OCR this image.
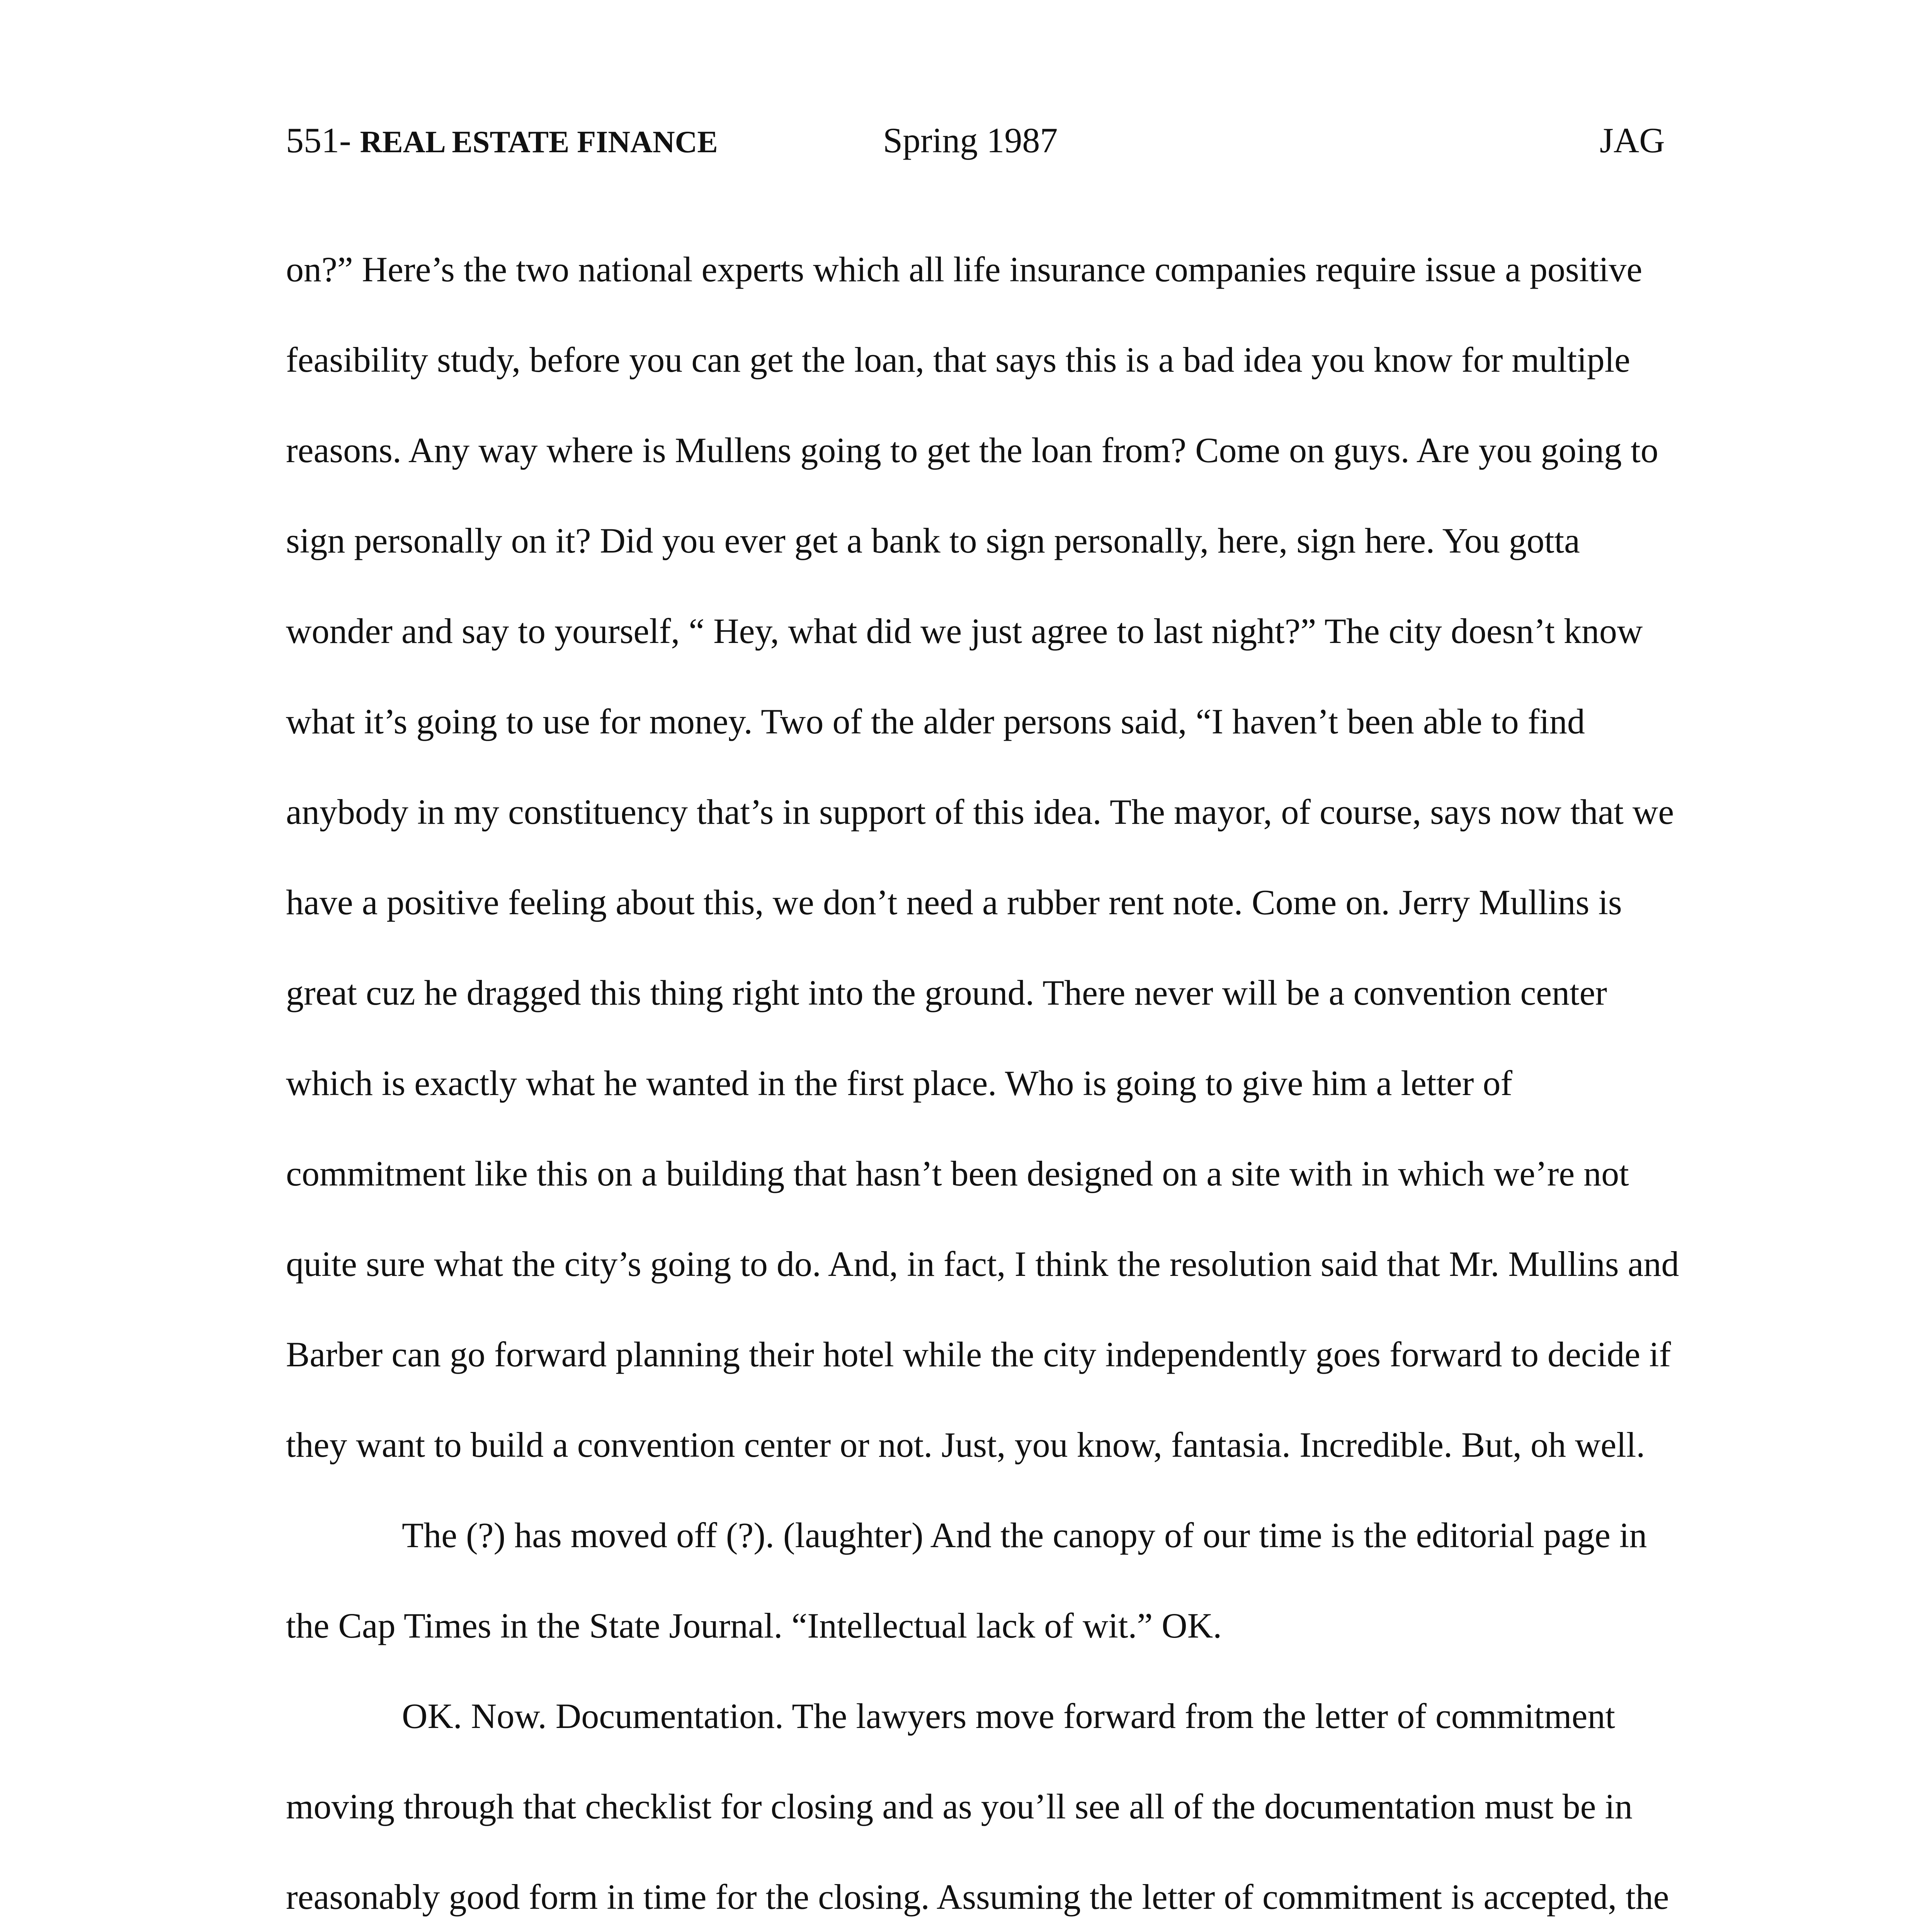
551- REAL ESTATE FINANCE	Spring 1987	JAG

on?” Here’s the two national experts which all life insurance companies require issue a positive feasibility study, before you can get the loan, that says this is a bad idea you know for multiple reasons. Any way where is Mullens going to get the loan from? Come on guys. Are you going to sign personally on it? Did you ever get a bank to sign personally, here, sign here. You gotta wonder and say to yourself, “ Hey, what did we just agree to last night?” The city doesn’t know what it’s going to use for money. Two of the alder persons said, “I haven’t been able to find anybody in my constituency that’s in support of this idea. The mayor, of course, says now that we have a positive feeling about this, we don’t need a rubber rent note. Come on. Jerry Mullins is great cuz he dragged this thing right into the ground. There never will be a convention center which is exactly what he wanted in the first place. Who is going to give him a letter of commitment like this on a building that hasn’t been designed on a site with in which we’re not quite sure what the city’s going to do. And, in fact, I think the resolution said that Mr. Mullins and Barber can go forward planning their hotel while the city independently goes forward to decide if they want to build a convention center or not. Just, you know, fantasia. Incredible. But, oh well.

The (?) has moved off (?). (laughter) And the canopy of our time is the editorial page in the Cap Times in the State Journal. “Intellectual lack of wit.” OK.

OK. Now. Documentation. The lawyers move forward from the letter of commitment moving through that checklist for closing and as you’ll see all of the documentation must be in reasonably good form in time for the closing. Assuming the letter of commitment is accepted, the
